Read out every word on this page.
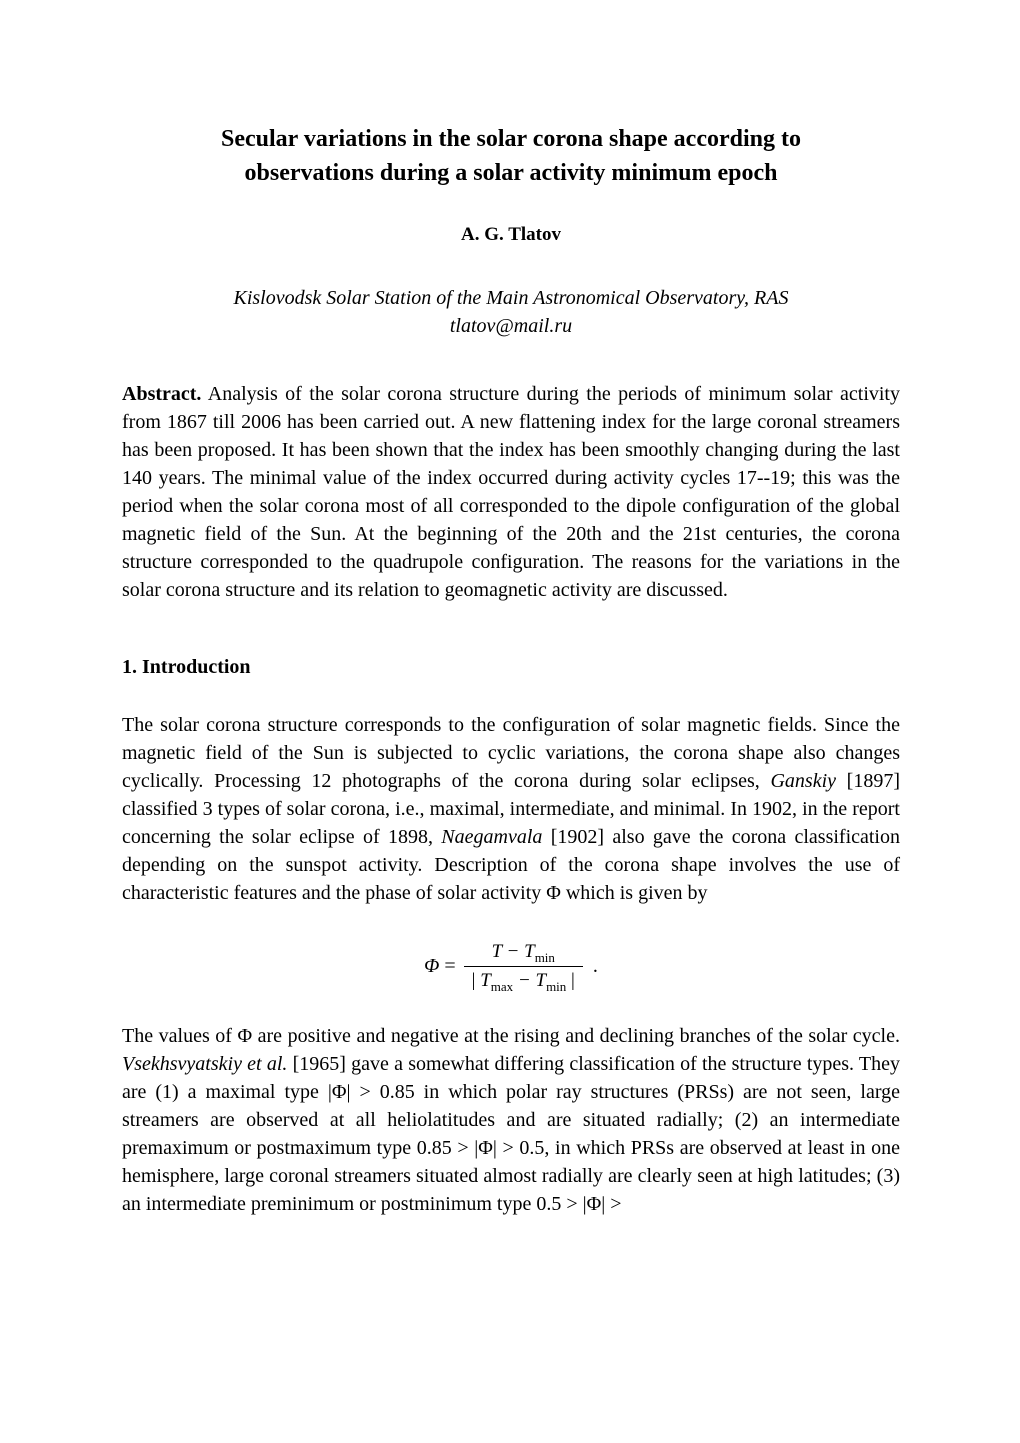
Secular variations in the solar corona shape according to
observations during a solar activity minimum epoch
A. G. Tlatov
Kislovodsk Solar Station of the Main Astronomical Observatory, RAS
tlatov@mail.ru

Abstract. Analysis of the solar corona structure during the periods of minimum solar activity from 1867 till 2006 has been carried out. A new flattening index for the large coronal streamers has been proposed. It has been shown that the index has been smoothly changing during the last 140 years. The minimal value of the index occurred during activity cycles 17--19; this was the period when the solar corona most of all corresponded to the dipole configuration of the global magnetic field of the Sun. At the beginning of the 20th and the 21st centuries, the corona structure corresponded to the quadrupole configuration. The reasons for the variations in the solar corona structure and its relation to geomagnetic activity are discussed.

1. Introduction

The solar corona structure corresponds to the configuration of solar magnetic fields. Since the magnetic field of the Sun is subjected to cyclic variations, the corona shape also changes cyclically. Processing 12 photographs of the corona during solar eclipses, Ganskiy [1897] classified 3 types of solar corona, i.e., maximal, intermediate, and minimal. In 1902, in the report concerning the solar eclipse of 1898, Naegamvala [1902] also gave the corona classification depending on the sunspot activity. Description of the corona shape involves the use of characteristic features and the phase of solar activity Φ which is given by

$\Phi = \frac{T - T_{min}}{| T_{max} - T_{min} |}$ .

The values of Φ are positive and negative at the rising and declining branches of the solar cycle. Vsekhsvyatskiy et al. [1965] gave a somewhat differing classification of the structure types. They are (1) a maximal type |Φ| > 0.85 in which polar ray structures (PRSs) are not seen, large streamers are observed at all heliolatitudes and are situated radially; (2) an intermediate premaximum or postmaximum type 0.85 > |Φ| > 0.5, in which PRSs are observed at least in one hemisphere, large coronal streamers situated almost radially are clearly seen at high latitudes; (3) an intermediate preminimum or postminimum type 0.5 > |Φ| >
